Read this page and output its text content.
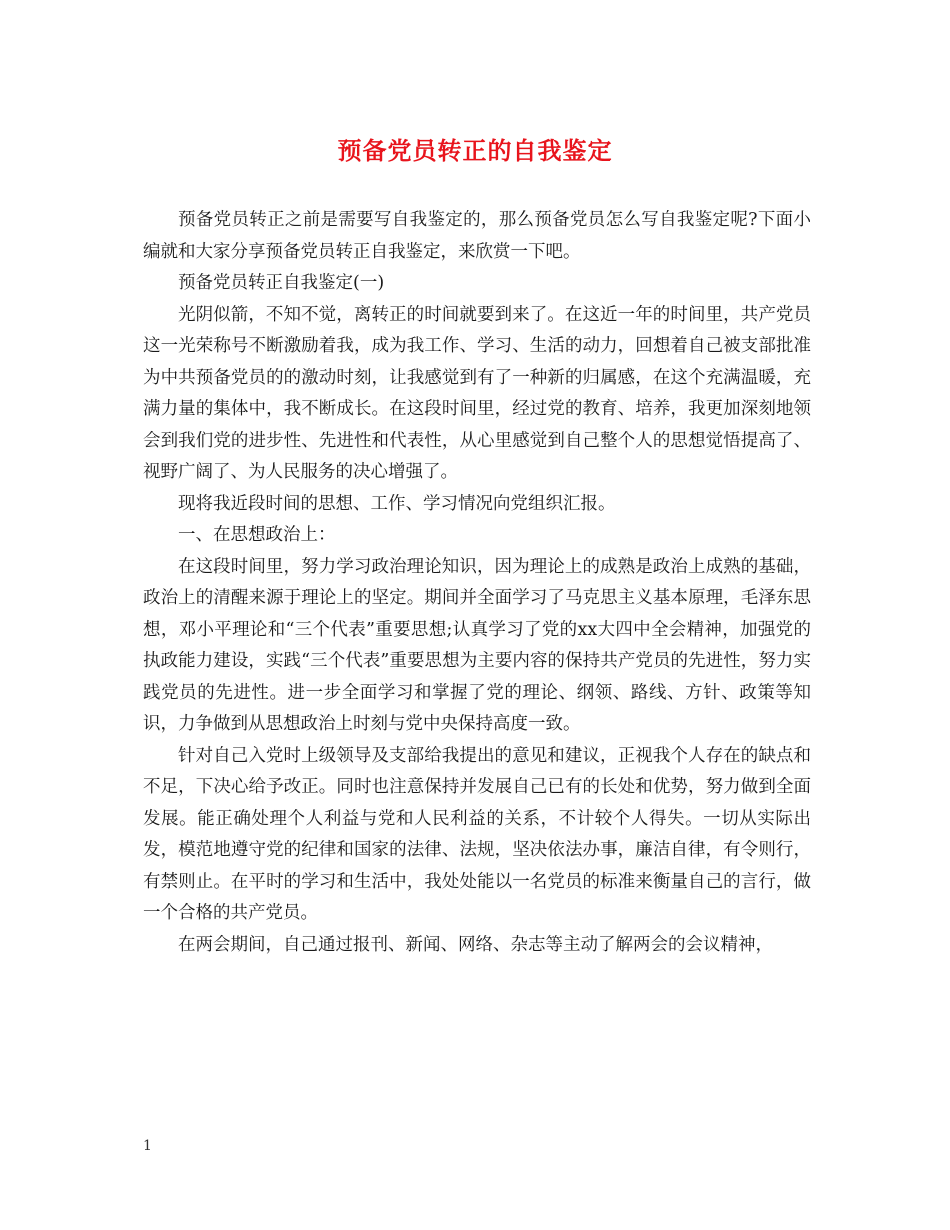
预备党员转正的自我鉴定

预备党员转正之前是需要写自我鉴定的，那么预备党员怎么写自我鉴定呢?下面小编就和大家分享预备党员转正自我鉴定，来欣赏一下吧。

预备党员转正自我鉴定(一)

光阴似箭，不知不觉，离转正的时间就要到来了。在这近一年的时间里，共产党员这一光荣称号不断激励着我，成为我工作、学习、生活的动力，回想着自己被支部批准为中共预备党员的的激动时刻，让我感觉到有了一种新的归属感，在这个充满温暖，充满力量的集体中，我不断成长。在这段时间里，经过党的教育、培养，我更加深刻地领会到我们党的进步性、先进性和代表性，从心里感觉到自己整个人的思想觉悟提高了、视野广阔了、为人民服务的决心增强了。

现将我近段时间的思想、工作、学习情况向党组织汇报。

一、在思想政治上：

在这段时间里，努力学习政治理论知识，因为理论上的成熟是政治上成熟的基础，政治上的清醒来源于理论上的坚定。期间并全面学习了马克思主义基本原理，毛泽东思想，邓小平理论和“三个代表”重要思想;认真学习了党的xx大四中全会精神，加强党的执政能力建设，实践“三个代表”重要思想为主要内容的保持共产党员的先进性，努力实践党员的先进性。进一步全面学习和掌握了党的理论、纲领、路线、方针、政策等知识，力争做到从思想政治上时刻与党中央保持高度一致。

针对自己入党时上级领导及支部给我提出的意见和建议，正视我个人存在的缺点和不足，下决心给予改正。同时也注意保持并发展自己已有的长处和优势，努力做到全面发展。能正确处理个人利益与党和人民利益的关系，不计较个人得失。一切从实际出发，模范地遵守党的纪律和国家的法律、法规，坚决依法办事，廉洁自律，有令则行，有禁则止。在平时的学习和生活中，我处处能以一名党员的标准来衡量自己的言行，做一个合格的共产党员。

在两会期间，自己通过报刊、新闻、网络、杂志等主动了解两会的会议精神，

1
